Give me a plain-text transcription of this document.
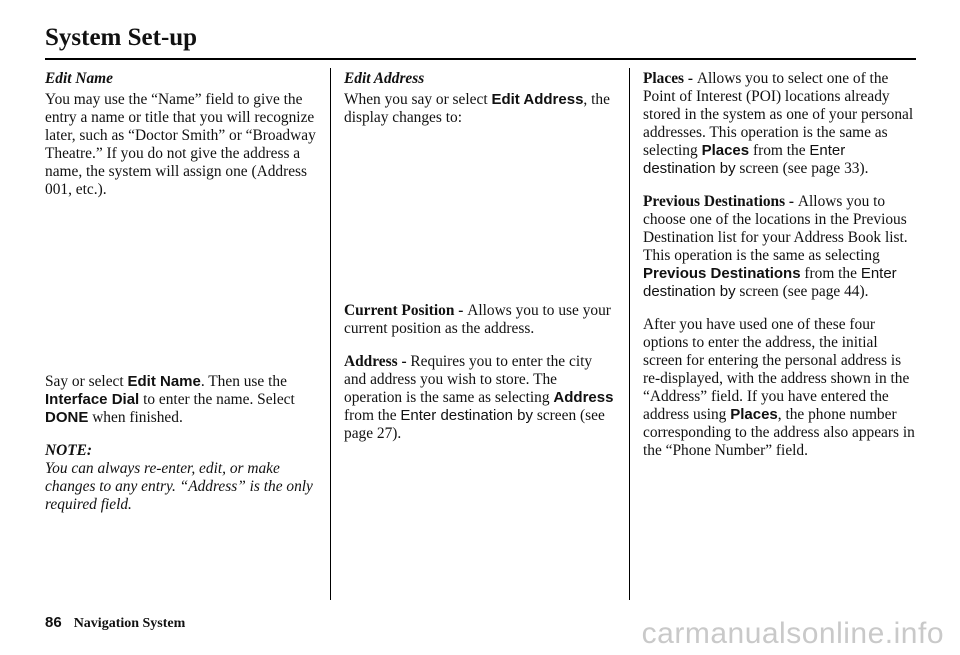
System Set-up

Edit Name

You may use the “Name” field to give the entry a name or title that you will recognize later, such as “Doctor Smith” or “Broadway Theatre.” If you do not give the address a name, the system will assign one (Address 001, etc.).

Say or select Edit Name. Then use the Interface Dial to enter the name. Select DONE when finished.

NOTE:

You can always re-enter, edit, or make changes to any entry. “Address” is the only required field.

Edit Address

When you say or select Edit Address, the display changes to:

Current Position - Allows you to use your current position as the address.

Address - Requires you to enter the city and address you wish to store. The operation is the same as selecting Address from the Enter destination by screen (see page 27).

Places - Allows you to select one of the Point of Interest (POI) locations already stored in the system as one of your personal addresses. This operation is the same as selecting Places from the Enter destination by screen (see page 33).

Previous Destinations - Allows you to choose one of the locations in the Previous Destination list for your Address Book list. This operation is the same as selecting Previous Destinations from the Enter destination by screen (see page 44).

After you have used one of these four options to enter the address, the initial screen for entering the personal address is re-displayed, with the address shown in the “Address” field. If you have entered the address using Places, the phone number corresponding to the address also appears in the “Phone Number” field.

86 Navigation System	carmanualsonline.info
